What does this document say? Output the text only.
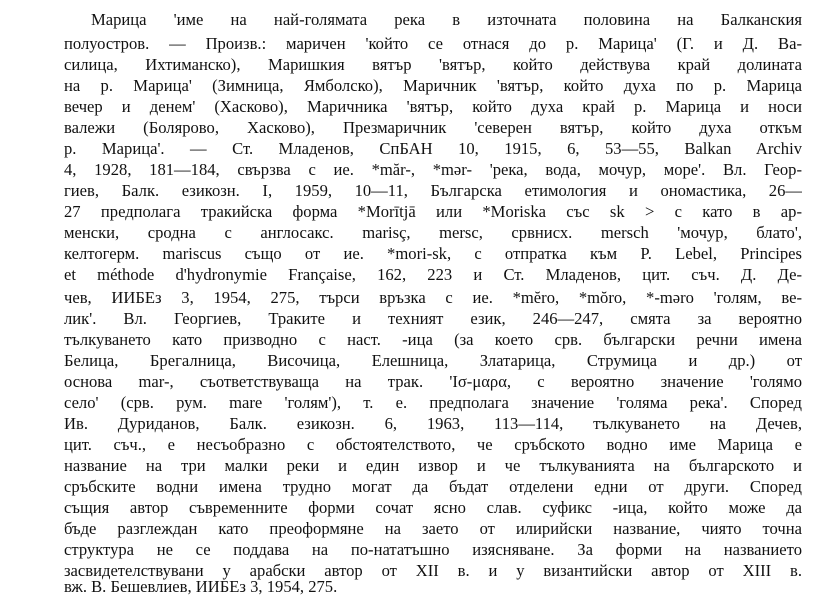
Марица 'име на най-голямата река в източната половина на Балканския
полуостров. — Произв.: маричен 'който се отнася до р. Марица' (Г. и Д. Ва-
силица, Ихтиманско), Маришкия вятър 'вятър, който действува край долината
на р. Марица' (Зимница, Ямболско), Маричник 'вятър, който духа по р. Марица
вечер и денем' (Хасково), Маричника 'вятър, който духа край р. Марица и носи
валежи (Болярово, Хасково), Презмаричник 'северен вятър, който духа откъм
р. Марица'. — Ст. Младенов, СпБАН 10, 1915, 6, 53—55, Balkan Archiv
4, 1928, 181—184, свързва с ие. *măr-, *mər- 'река, вода, мочур, море'. Вл. Геор-
гиев, Балк. езикозн. I, 1959, 10—11, Българска етимология и ономастика, 26—
27 предполага тракийска форма *Morītjā или *Moriska със sk > c като в ар-
менски, сродна с англосакс. marisç, mersc, срвнисх. mersch 'мочур, блато',
келтогерм. mariscus също от ие. *mori-sk, с отпратка към P. Lebel, Principes
et méthode d'hydronymie Française, 162, 223 и Ст. Младенов, цит. съч. Д. Де-
чев, ИИБЕз 3, 1954, 275, търси връзка с ие. *mĕro, *mŏro, *-məro 'голям, ве-
лик'. Вл. Георгиев, Траките и техният език, 246—247, смята за вероятно
тълкуването като призводно с наст. -ица (за което срв. български речни имена
Белица, Брегалница, Височица, Елешница, Златарица, Струмица и др.) от
основа mar-, съответствуваща на трак. 'Ισ-μαρα, с вероятно значение 'голямо
село' (срв. рум. mare 'голям'), т. е. предполага значение 'голяма река'. Според
Ив. Дуриданов, Балк. езикозн. 6, 1963, 113—114, тълкуването на Дечев,
цит. съч., е несъобразно с обстоятелството, че сръбското водно име Марица е
название на три малки реки и един извор и че тълкуванията на българското и
сръбските водни имена трудно могат да бъдат отделени едни от други. Според
същия автор съвременните форми сочат ясно слав. суфикс -ица, който може да
бъде разглеждан като преоформяне на заето от илирийски название, чиято точна
структура не се поддава на по-нататъшно изясняване. За форми на названието
засвидетелствувани у арабски автор от XII в. и у византийски автор от XIII в.
вж. В. Бешевлиев, ИИБЕз 3, 1954, 275.
